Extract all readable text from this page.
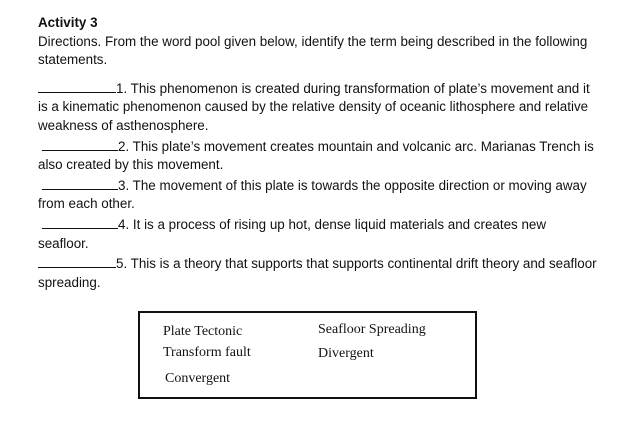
Activity 3

Directions. From the word pool given below, identify the term being described in the following statements.

1. This phenomenon is created during transformation of plate’s movement and it is a kinematic phenomenon caused by the relative density of oceanic lithosphere and relative weakness of asthenosphere.

2. This plate’s movement creates mountain and volcanic arc. Marianas Trench is also created by this movement.

3. The movement of this plate is towards the opposite direction or moving away from each other.

4. It is a process of rising up hot, dense liquid materials and creates new seafloor.

5. This is a theory that supports that supports continental drift theory and seafloor spreading.

Plate Tectonic	Seafloor Spreading
Transform fault	Divergent
Convergent
